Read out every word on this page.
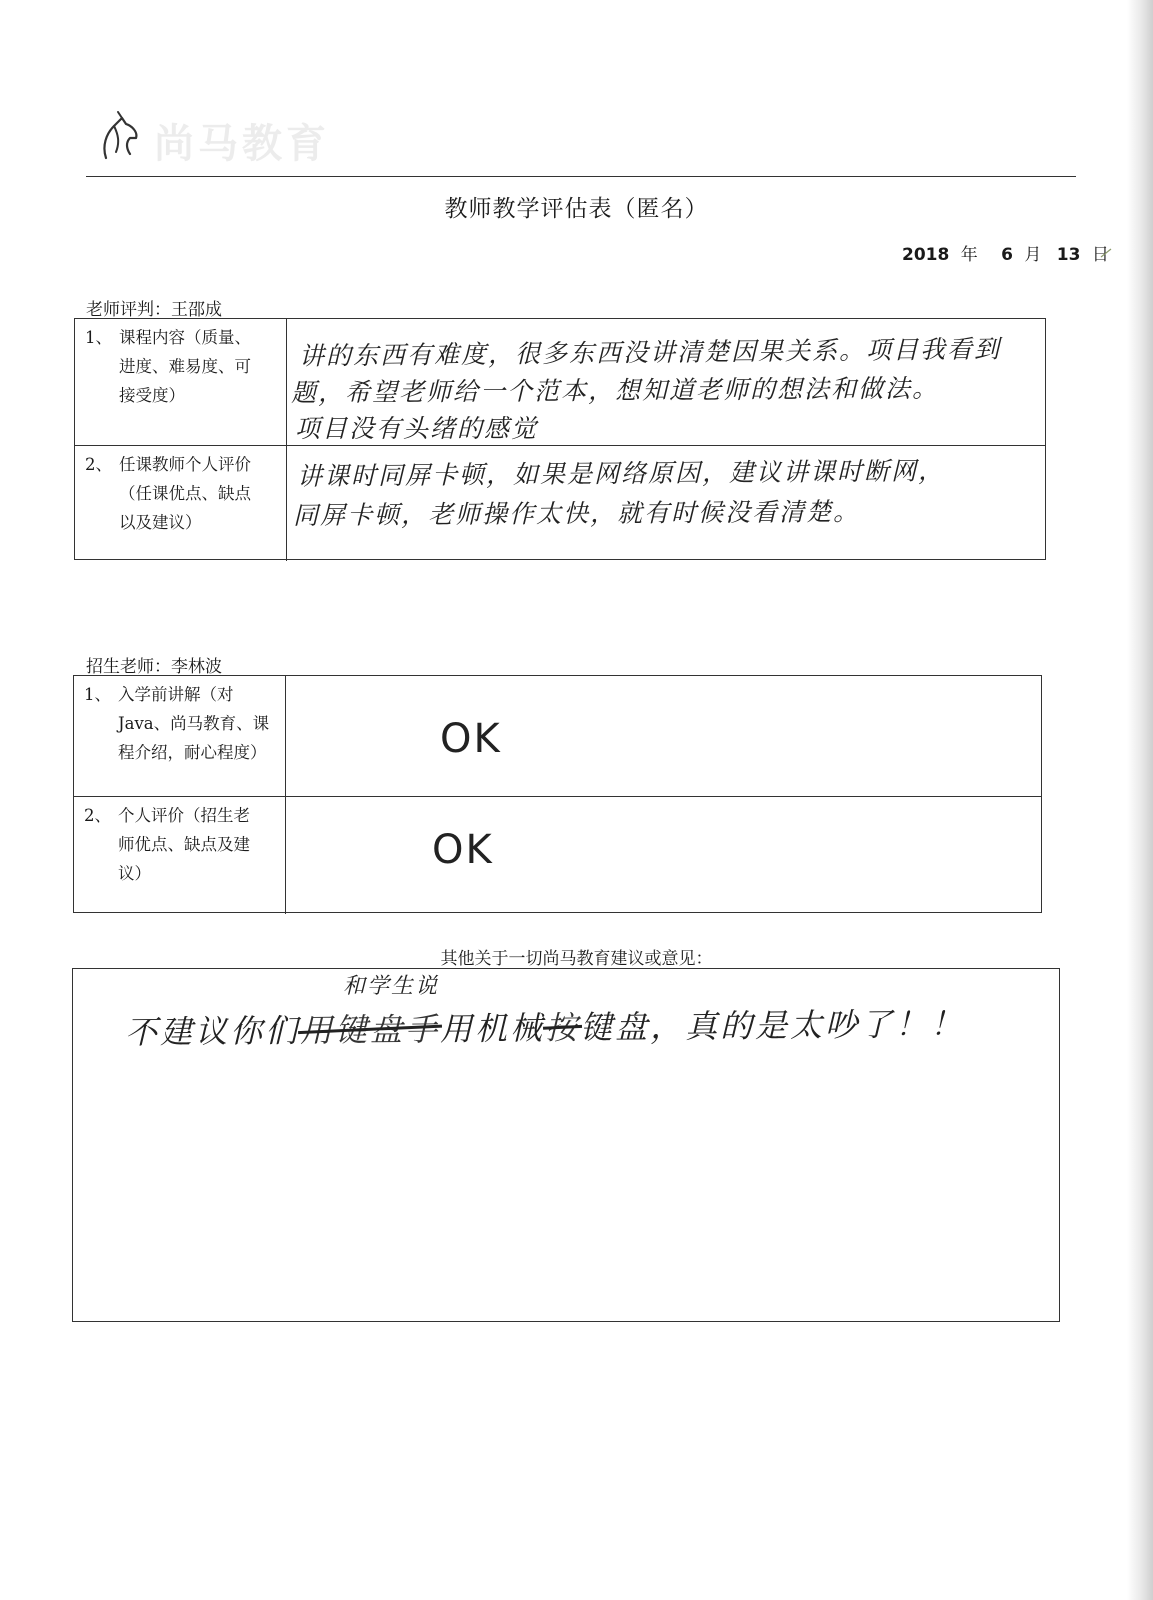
尚马教育
教师教学评估表（匿名）
2018 年 6 月 13 日
老师评判：王邵成
1、 课程内容（质量、
进度、难易度、可
接受度）
讲的东西有难度，很多东西没讲清楚因果关系。项目我看到
题，希望老师给一个范本，想知道老师的想法和做法。
项目没有头绪的感觉
2、 任课教师个人评价
（任课优点、缺点
以及建议）
讲课时同屏卡顿，如果是网络原因，建议讲课时断网，
同屏卡顿，老师操作太快，就有时候没看清楚。
招生老师：李林波
1、 入学前讲解（对
Java、尚马教育、课
程介绍，耐心程度）	OK
2、 个人评价（招生老
师优点、缺点及建
议）
OK
其他关于一切尚马教育建议或意见：
和学生说
不建议你们用键盘手用机械按键盘，真的是太吵了！！
